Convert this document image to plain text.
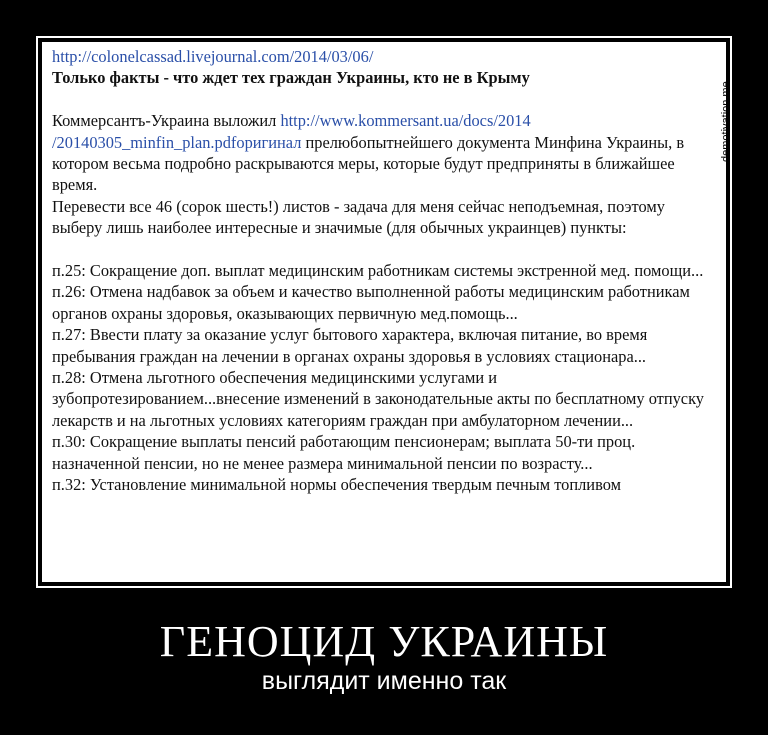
http://colonelcassad.livejournal.com/2014/03/06/

Только факты - что ждет тех граждан Украины, кто не в Крыму

Коммерсантъ-Украина выложил http://www.kommersant.ua/docs/2014 /20140305_minfin_plan.pdfоригинал прелюбопытнейшего документа Минфина Украины, в котором весьма подробно раскрываются меры, которые будут предприняты в ближайшее время.

Перевести все 46 (сорок шесть!) листов - задача для меня сейчас неподъемная, поэтому выберу лишь наиболее интересные и значимые (для обычных украинцев) пункты:

п.25: Сокращение доп. выплат медицинским работникам системы экстренной мед. помощи...

п.26: Отмена надбавок за объем и качество выполненной работы медицинским работникам органов охраны здоровья, оказывающих первичную мед.помощь...

п.27: Ввести плату за оказание услуг бытового характера, включая питание, во время пребывания граждан на лечении в органах охраны здоровья в условиях стационара...

п.28: Отмена льготного обеспечения медицинскими услугами и зубопротезированием...внесение изменений в законодательные акты по бесплатному отпуску лекарств и на льготных условиях категориям граждан при амбулаторном лечении...

п.30: Сокращение выплаты пенсий работающим пенсионерам; выплата 50-ти проц. назначенной пенсии, но не менее размера минимальной пенсии по возрасту...

п.32: Установление минимальной нормы обеспечения твердым печным топливом

demotivation.me
ГЕНОЦИД УКРАИНЫ
выглядит именно так
